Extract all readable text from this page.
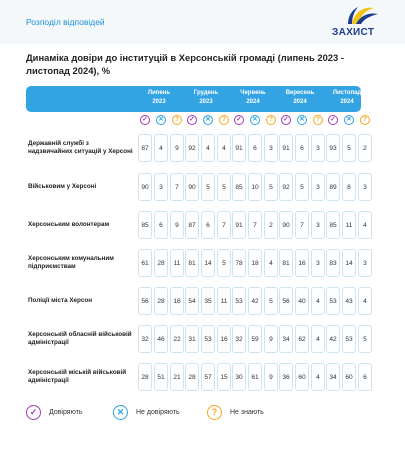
Розподіл відповідей
ЗАХИСТ
Динаміка довіри до інституцій в Херсонській громаді (липень 2023 - листопад 2024), %
Липень
2023
Грудень
2023
Червень
2024
Вересень
2024
Листопад
2024
✓	✕	?	✓	✕	?	✓	✕	?	✓	✕	?	✓	✕	?
Державній службі з надзвичайних ситуацій у Херсоні	87	4	9	92	4	4	91	6	3	91	6	3	93	5	2
Військовим у Херсоні	90	3	7	90	5	5	85	10	5	92	5	3	89	8	3
Херсонським волонтерам	85	6	9	87	6	7	91	7	2	90	7	3	85	11	4
Херсонським комунальним підприємствам	61	28	11	81	14	5	78	18	4	81	16	3	83	14	3
Поліції міста Херсон	56	28	16	54	35	11	53	42	5	56	40	4	53	43	4
Херсонській обласній військовій адміністрації	32	46	22	31	53	16	32	59	9	34	62	4	42	53	5
Херсонській міській військовій адміністрації	28	51	21	28	57	15	30	61	9	36	60	4	34	60	6
✓	Довіряють	✕	Не довіряють	?	Не знають
